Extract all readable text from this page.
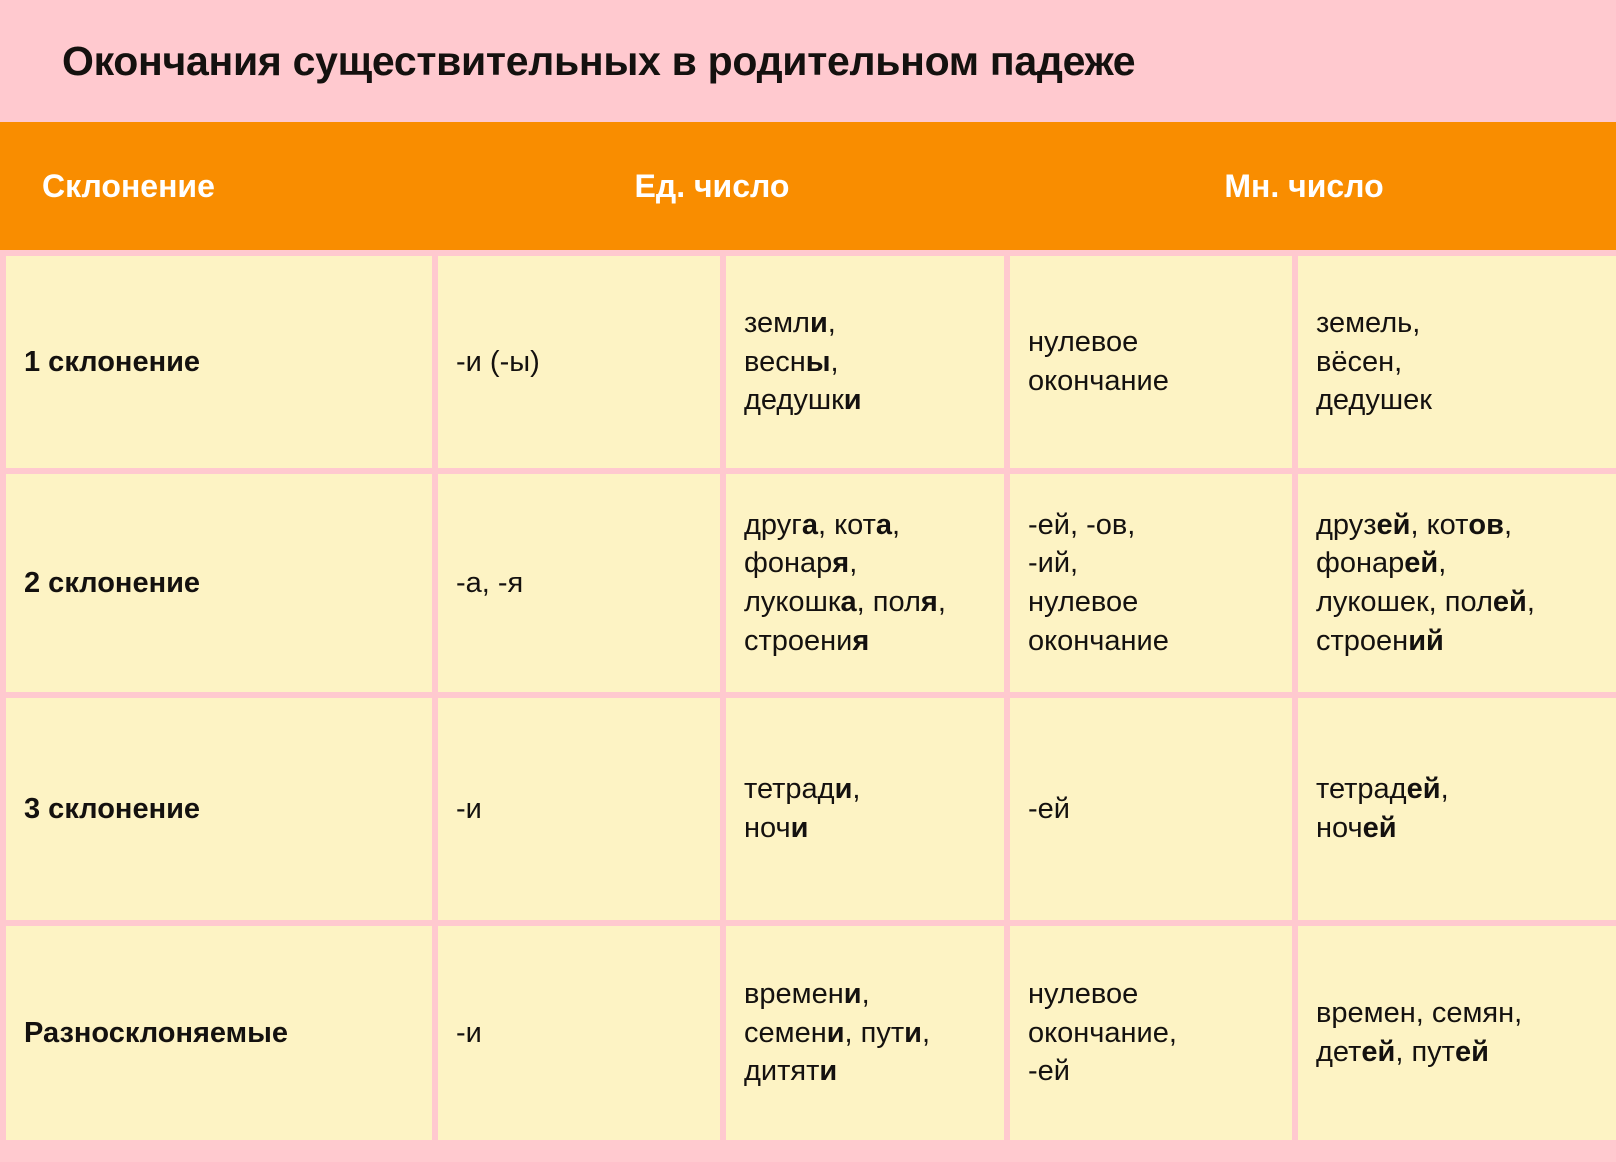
Окончания существительных в родительном падеже
Склонение	Ед. число	Мн. число
1 склонение	-и (-ы)	земли,
весны,
дедушки	нулевое окончание	земель,
вёсен,
дедушек
2 склонение	-а, -я	друга, кота,
фонаря,
лукошка, поля,
строения	-ей, -ов,
-ий,
нулевое окончание	друзей, котов,
фонарей,
лукошек, полей,
строений
3 склонение	-и	тетради,
ночи	-ей	тетрадей,
ночей
Разносклоняемые	-и	времени,
семени, пути,
дитяти	нулевое окончание,
-ей	времен, семян,
детей, путей
